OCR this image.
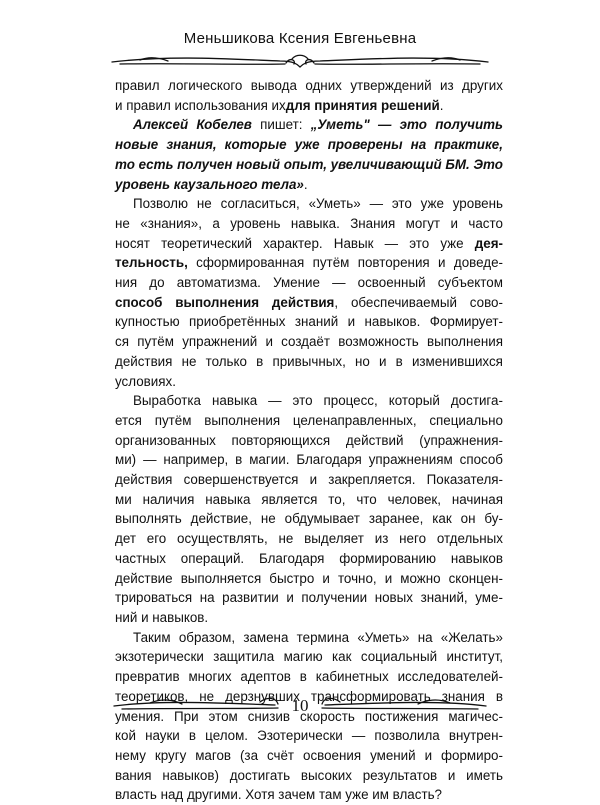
Меньшикова Ксения Евгеньевна
правил логического вывода одних утверждений из других
и правил использования их для принятия решений .
Алексей Кобелев пишет: „Уметь" — это получить
новые знания, которые уже проверены на практике,
то есть получен новый опыт, увеличивающий БМ. Это
уровень каузального тела» .
Позволю не согласиться, «Уметь» — это уже уровень
не «знания», а уровень навыка. Знания могут и часто
носят теоретический характер. Навык — это уже дея-
тельность, сформированная путём повторения и доведе-
ния до автоматизма. Умение — освоенный субъектом
способ выполнения действия, обеспечиваемый сово-
купностью приобретённых знаний и навыков. Формирует-
ся путём упражнений и создаёт возможность выполнения
действия не только в привычных, но и в изменившихся
условиях.
Выработка навыка — это процесс, который достига-
ется путём выполнения целенаправленных, специально
организованных повторяющихся действий (упражнения-
ми) — например, в магии. Благодаря упражнениям способ
действия совершенствуется и закрепляется. Показателя-
ми наличия навыка является то, что человек, начиная
выполнять действие, не обдумывает заранее, как он бу-
дет его осуществлять, не выделяет из него отдельных
частных операций. Благодаря формированию навыков
действие выполняется быстро и точно, и можно сконцен-
трироваться на развитии и получении новых знаний, уме-
ний и навыков.
Таким образом, замена термина «Уметь» на «Желать»
экзотерически защитила магию как социальный институт,
превратив многих адептов в кабинетных исследователей-
теоретиков, не дерзнувших трансформировать знания в
умения. При этом снизив скорость постижения магичес-
кой науки в целом. Эзотерически — позволила внутрен-
нему кругу магов (за счёт освоения умений и формиро-
вания навыков) достигать высоких результатов и иметь
власть над другими. Хотя зачем там уже им власть?
10
